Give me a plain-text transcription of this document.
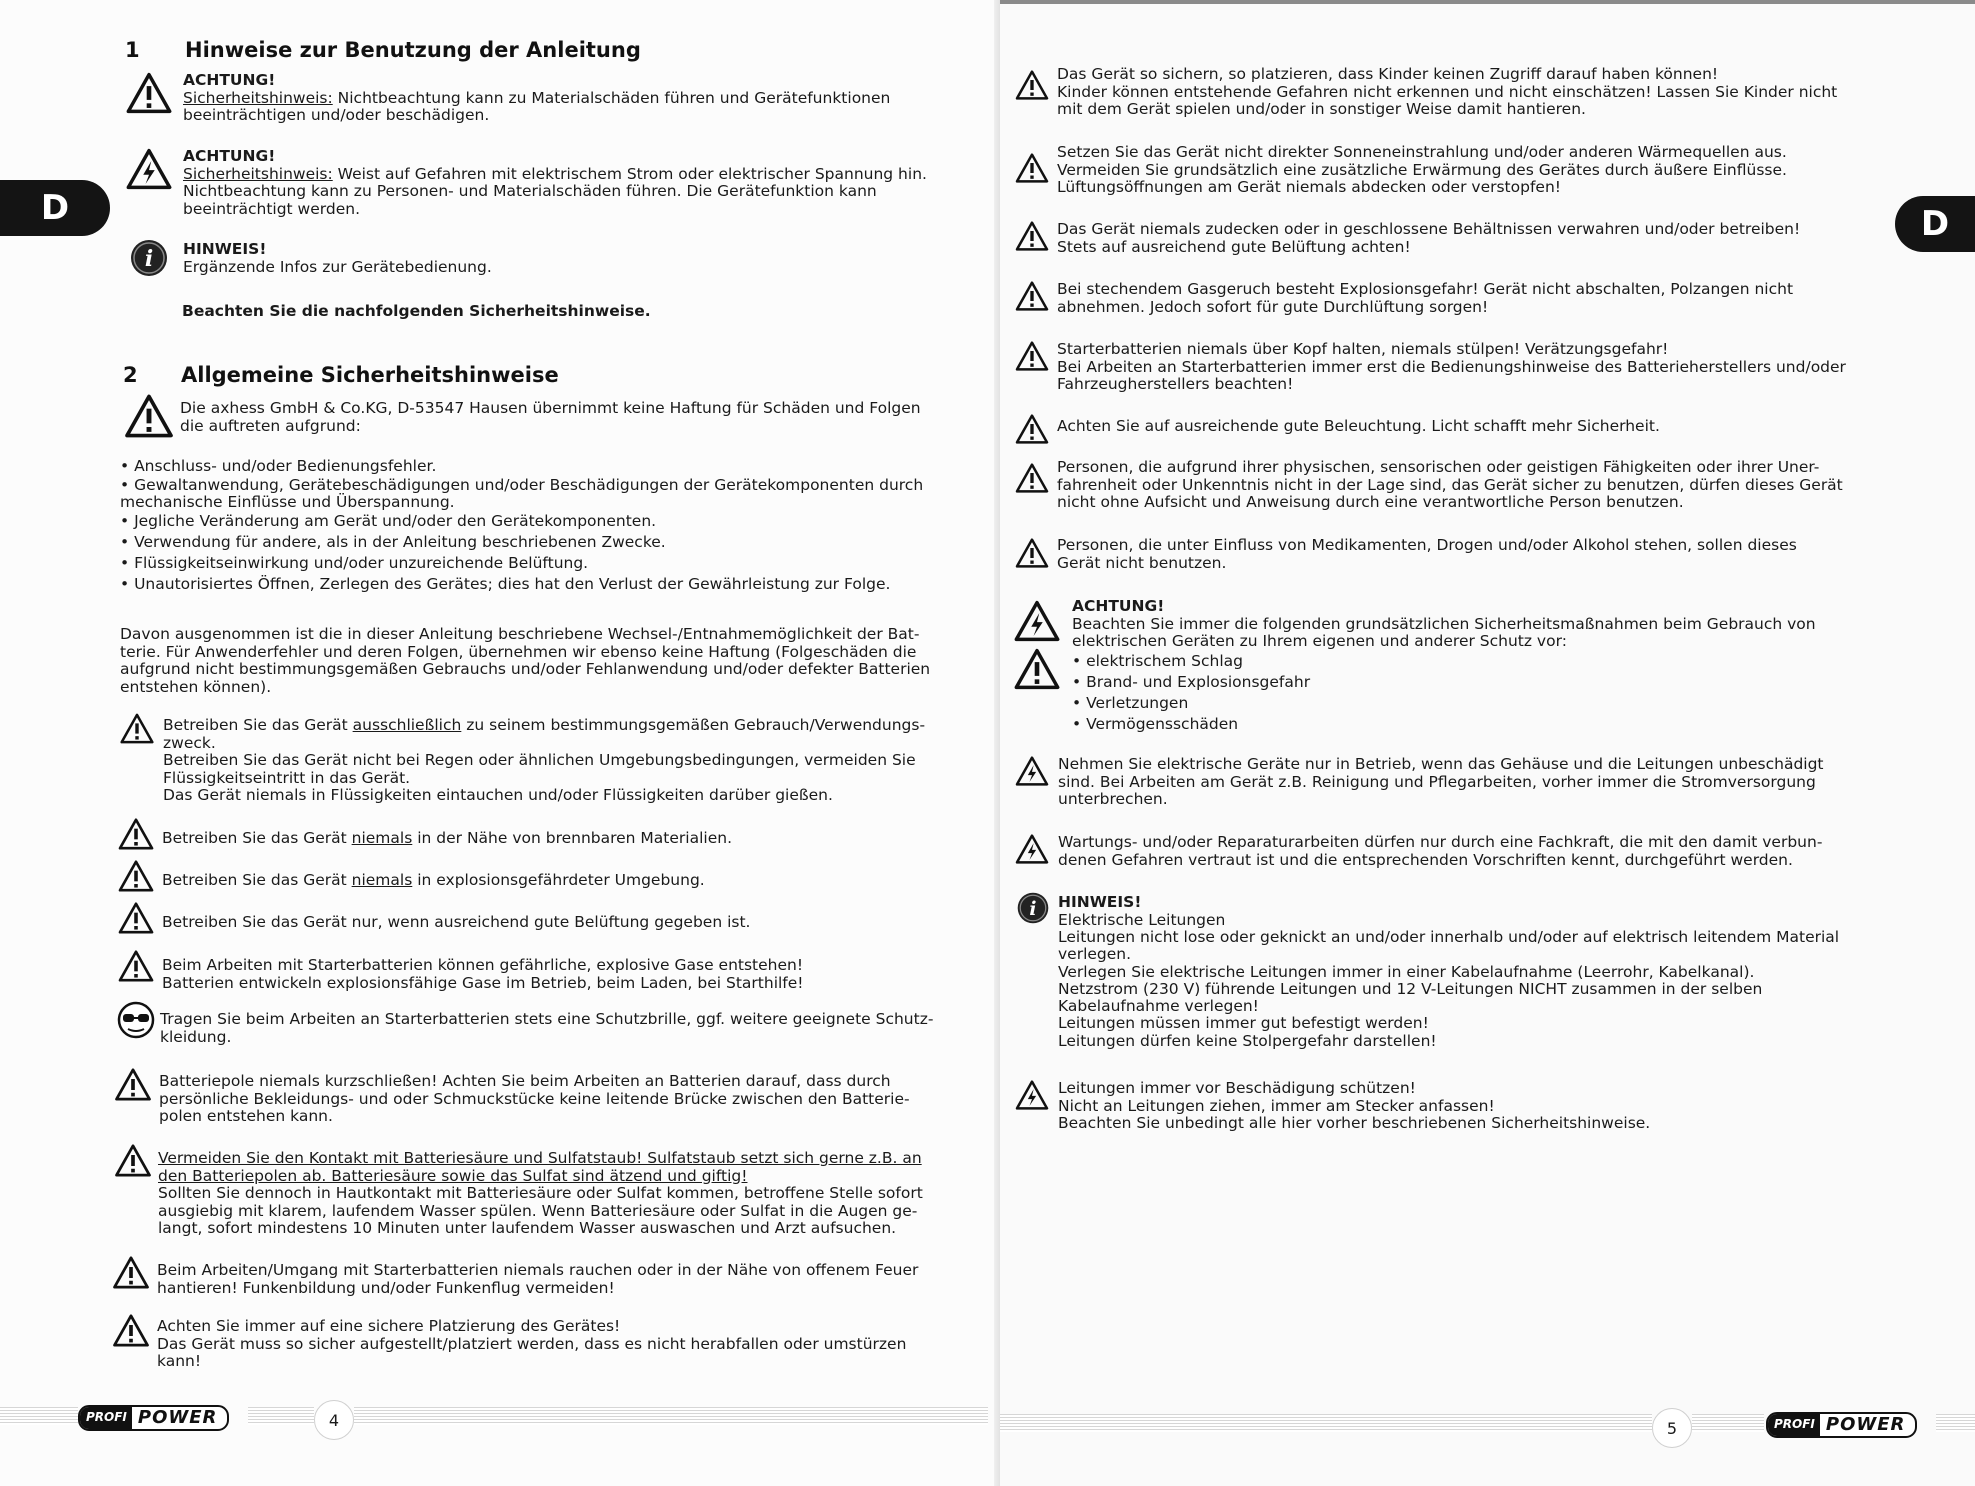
D
1 Hinweise zur Benutzung der Anleitung

ACHTUNG!

Sicherheitshinweis: Nichtbeachtung kann zu Materialschäden führen und Gerätefunktionen
beeinträchtigen und/oder beschädigen.

ACHTUNG!

Sicherheitshinweis: Weist auf Gefahren mit elektrischem Strom oder elektrischer Spannung hin.
Nichtbeachtung kann zu Personen- und Materialschäden führen. Die Gerätefunktion kann
beeinträchtigt werden.

HINWEIS!

Ergänzende Infos zur Gerätebedienung.

Beachten Sie die nachfolgenden Sicherheitshinweise.
2 Allgemeine Sicherheitshinweise

Die axhess GmbH & Co.KG, D-53547 Hausen übernimmt keine Haftung für Schäden und Folgen
die auftreten aufgrund:

• Anschluss- und/oder Bedienungsfehler.
• Gewaltanwendung, Gerätebeschädigungen und/oder Beschädigungen der Gerätekomponenten durch
mechanische Einflüsse und Überspannung.
• Jegliche Veränderung am Gerät und/oder den Gerätekomponenten.
• Verwendung für andere, als in der Anleitung beschriebenen Zwecke.
• Flüssigkeitseinwirkung und/oder unzureichende Belüftung.
• Unautorisiertes Öffnen, Zerlegen des Gerätes; dies hat den Verlust der Gewährleistung zur Folge.

Davon ausgenommen ist die in dieser Anleitung beschriebene Wechsel-/Entnahmemöglichkeit der Bat-
terie. Für Anwenderfehler und deren Folgen, übernehmen wir ebenso keine Haftung (Folgeschäden die
aufgrund nicht bestimmungsgemäßen Gebrauchs und/oder Fehlanwendung und/oder defekter Batterien
entstehen können).

Betreiben Sie das Gerät ausschließlich zu seinem bestimmungsgemäßen Gebrauch/Verwendungs-
zweck.
Betreiben Sie das Gerät nicht bei Regen oder ähnlichen Umgebungsbedingungen, vermeiden Sie
Flüssigkeitseintritt in das Gerät.
Das Gerät niemals in Flüssigkeiten eintauchen und/oder Flüssigkeiten darüber gießen.

Betreiben Sie das Gerät niemals in der Nähe von brennbaren Materialien.

Betreiben Sie das Gerät niemals in explosionsgefährdeter Umgebung.

Betreiben Sie das Gerät nur, wenn ausreichend gute Belüftung gegeben ist.

Beim Arbeiten mit Starterbatterien können gefährliche, explosive Gase entstehen!
Batterien entwickeln explosionsfähige Gase im Betrieb, beim Laden, bei Starthilfe!

Tragen Sie beim Arbeiten an Starterbatterien stets eine Schutzbrille, ggf. weitere geeignete Schutz-
kleidung.

Batteriepole niemals kurzschließen! Achten Sie beim Arbeiten an Batterien darauf, dass durch
persönliche Bekleidungs- und oder Schmuckstücke keine leitende Brücke zwischen den Batterie-
polen entstehen kann.

Vermeiden Sie den Kontakt mit Batteriesäure und Sulfatstaub! Sulfatstaub setzt sich gerne z.B. an
den Batteriepolen ab. Batteriesäure sowie das Sulfat sind ätzend und giftig!
Sollten Sie dennoch in Hautkontakt mit Batteriesäure oder Sulfat kommen, betroffene Stelle sofort
ausgiebig mit klarem, laufendem Wasser spülen. Wenn Batteriesäure oder Sulfat in die Augen ge-
langt, sofort mindestens 10 Minuten unter laufendem Wasser auswaschen und Arzt aufsuchen.

Beim Arbeiten/Umgang mit Starterbatterien niemals rauchen oder in der Nähe von offenem Feuer
hantieren! Funkenbildung und/oder Funkenflug vermeiden!

Achten Sie immer auf eine sichere Platzierung des Gerätes!
Das Gerät muss so sicher aufgestellt/platziert werden, dass es nicht herabfallen oder umstürzen
kann!

PROFI POWER	4
D

Das Gerät so sichern, so platzieren, dass Kinder keinen Zugriff darauf haben können!
Kinder können entstehende Gefahren nicht erkennen und nicht einschätzen! Lassen Sie Kinder nicht
mit dem Gerät spielen und/oder in sonstiger Weise damit hantieren.

Setzen Sie das Gerät nicht direkter Sonneneinstrahlung und/oder anderen Wärmequellen aus.
Vermeiden Sie grundsätzlich eine zusätzliche Erwärmung des Gerätes durch äußere Einflüsse.
Lüftungsöffnungen am Gerät niemals abdecken oder verstopfen!

Das Gerät niemals zudecken oder in geschlossene Behältnissen verwahren und/oder betreiben!
Stets auf ausreichend gute Belüftung achten!

Bei stechendem Gasgeruch besteht Explosionsgefahr! Gerät nicht abschalten, Polzangen nicht
abnehmen. Jedoch sofort für gute Durchlüftung sorgen!

Starterbatterien niemals über Kopf halten, niemals stülpen! Verätzungsgefahr!
Bei Arbeiten an Starterbatterien immer erst die Bedienungshinweise des Batterieherstellers und/oder
Fahrzeugherstellers beachten!

Achten Sie auf ausreichende gute Beleuchtung. Licht schafft mehr Sicherheit.

Personen, die aufgrund ihrer physischen, sensorischen oder geistigen Fähigkeiten oder ihrer Uner-
fahrenheit oder Unkenntnis nicht in der Lage sind, das Gerät sicher zu benutzen, dürfen dieses Gerät
nicht ohne Aufsicht und Anweisung durch eine verantwortliche Person benutzen.

Personen, die unter Einfluss von Medikamenten, Drogen und/oder Alkohol stehen, sollen dieses
Gerät nicht benutzen.

ACHTUNG!

Beachten Sie immer die folgenden grundsätzlichen Sicherheitsmaßnahmen beim Gebrauch von
elektrischen Geräten zu Ihrem eigenen und anderer Schutz vor:

• elektrischem Schlag
• Brand- und Explosionsgefahr
• Verletzungen
• Vermögensschäden

Nehmen Sie elektrische Geräte nur in Betrieb, wenn das Gehäuse und die Leitungen unbeschädigt
sind. Bei Arbeiten am Gerät z.B. Reinigung und Pflegarbeiten, vorher immer die Stromversorgung
unterbrechen.

Wartungs- und/oder Reparaturarbeiten dürfen nur durch eine Fachkraft, die mit den damit verbun-
denen Gefahren vertraut ist und die entsprechenden Vorschriften kennt, durchgeführt werden.

HINWEIS!

Elektrische Leitungen

Leitungen nicht lose oder geknickt an und/oder innerhalb und/oder auf elektrisch leitendem Material
verlegen.
Verlegen Sie elektrische Leitungen immer in einer Kabelaufnahme (Leerrohr, Kabelkanal).
Netzstrom (230 V) führende Leitungen und 12 V-Leitungen NICHT zusammen in der selben
Kabelaufnahme verlegen!
Leitungen müssen immer gut befestigt werden!
Leitungen dürfen keine Stolpergefahr darstellen!

Leitungen immer vor Beschädigung schützen!
Nicht an Leitungen ziehen, immer am Stecker anfassen!
Beachten Sie unbedingt alle hier vorher beschriebenen Sicherheitshinweise.

5	PROFI POWER
